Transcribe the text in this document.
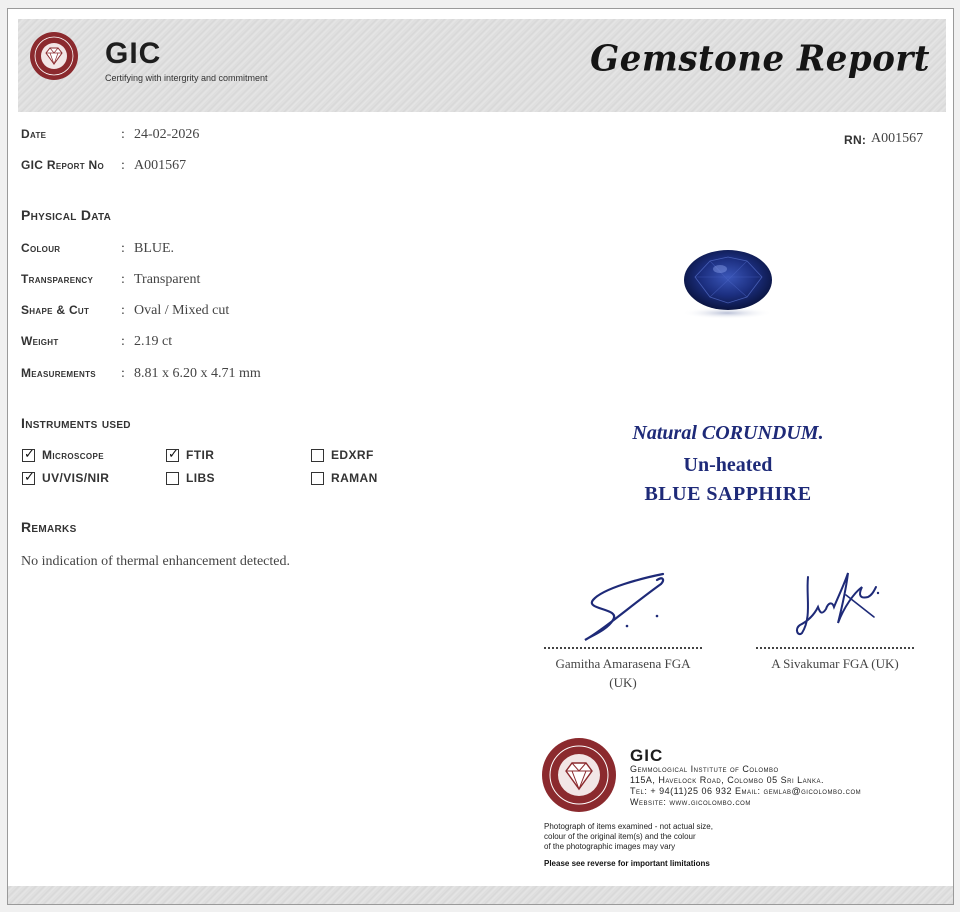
GIC
Certifying with intergrity and commitment	Gemstone Report
Date	: 24-02-2026
GIC Report No : A001567
RN: A001567
Physical Data
Colour	: BLUE.
Transparency : Transparent
Shape & Cut : Oval / Mixed cut
Weight	: 2.19 ct
Measurements : 8.81 x 6.20 x 4.71 mm
Instruments used
✓ Microscope	✓ FTIR	EDXRF
✓ UV/VIS/NIR	LIBS	RAMAN
Remarks
No indication of thermal enhancement detected.
Natural CORUNDUM.
Un-heated
BLUE SAPPHIRE
Gamitha Amarasena FGA
(UK)
A Sivakumar FGA (UK)
GIC
Gemmological Institute of Colombo
115A, Havelock Road, Colombo 05 Sri Lanka.
Tel: + 94(11)25 06 932 Email: gemlab@gicolombo.com
Website: www.gicolombo.com
Photograph of items examined - not actual size,
colour of the original item(s) and the colour
of the photographic images may vary
Please see reverse for important limitations
